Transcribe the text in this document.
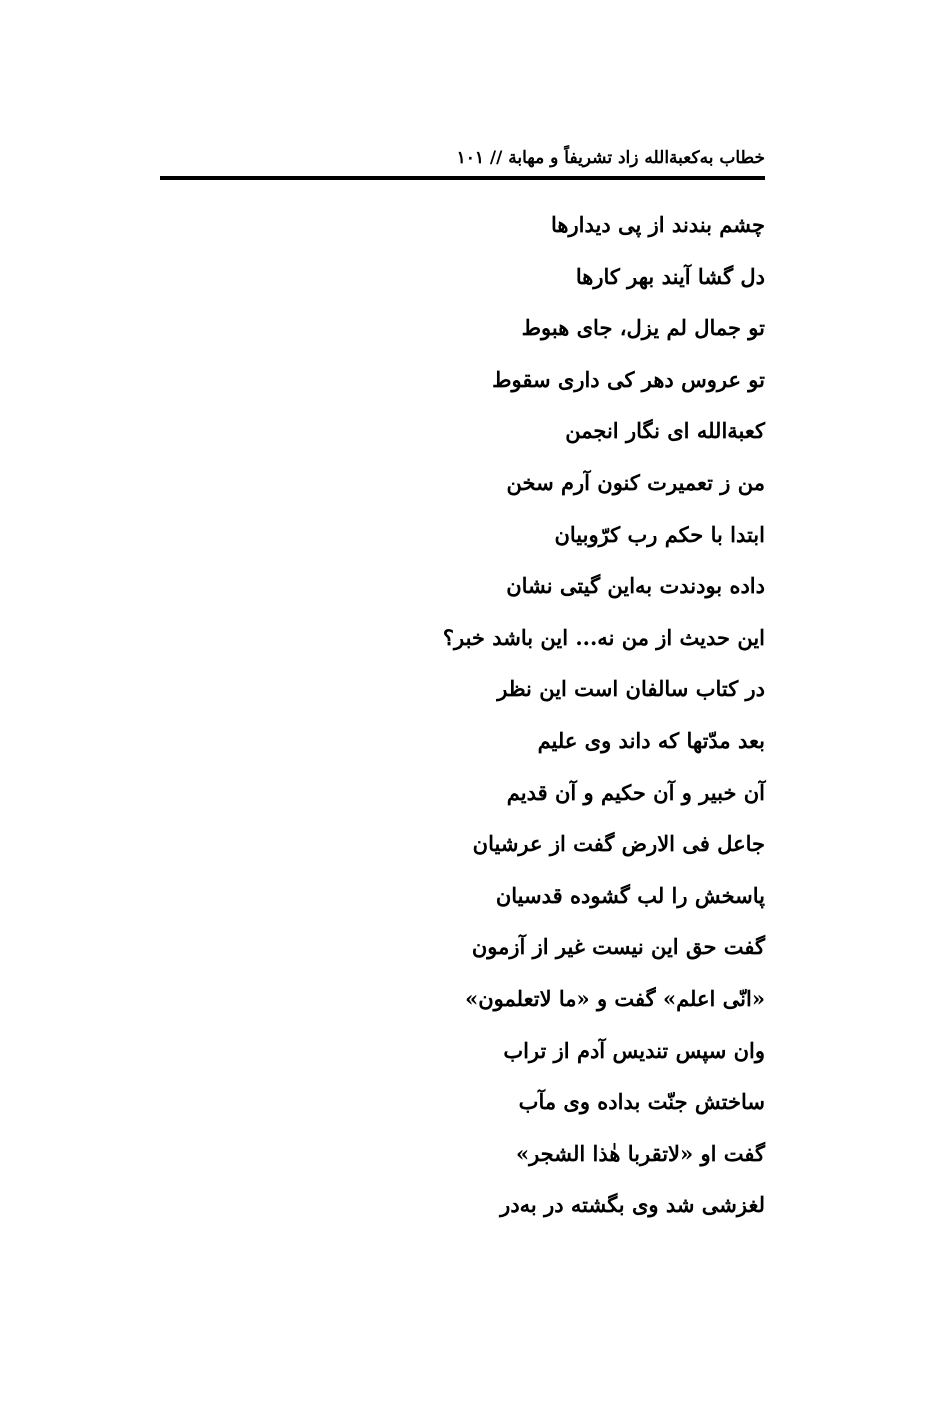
خطاب به‌کعبة‌الله زاد تشریفاً و مهابة // ۱۰۱
چشم بندند از پی دیدارها
دل گشا آیند بهر کارها
تو جمال لم یزل، جای هبوط
تو عروس دهر کی داری سقوط
کعبة‌الله ای نگار انجمن
من ز تعمیرت کنون آرم سخن
ابتدا با حکم رب کرّوبیان
داده بودندت به‌این گیتی نشان
این حدیث از من نه... این باشد خبر؟
در کتاب سالفان است این نظر
بعد مدّتها که داند وی علیم
آن خبیر و آن حکیم و آن قدیم
جاعل فی الارض گفت از عرشیان
پاسخش را لب گشوده قدسیان
گفت حق این نیست غیر از آزمون
«انّی اعلم» گفت و «ما لاتعلمون»
وان سپس تندیس آدم از تراب
ساختش جنّت بداده وی مآب
گفت او «لاتقربا هٰذا الشجر»
لغزشی شد وی بگشته در به‌در
